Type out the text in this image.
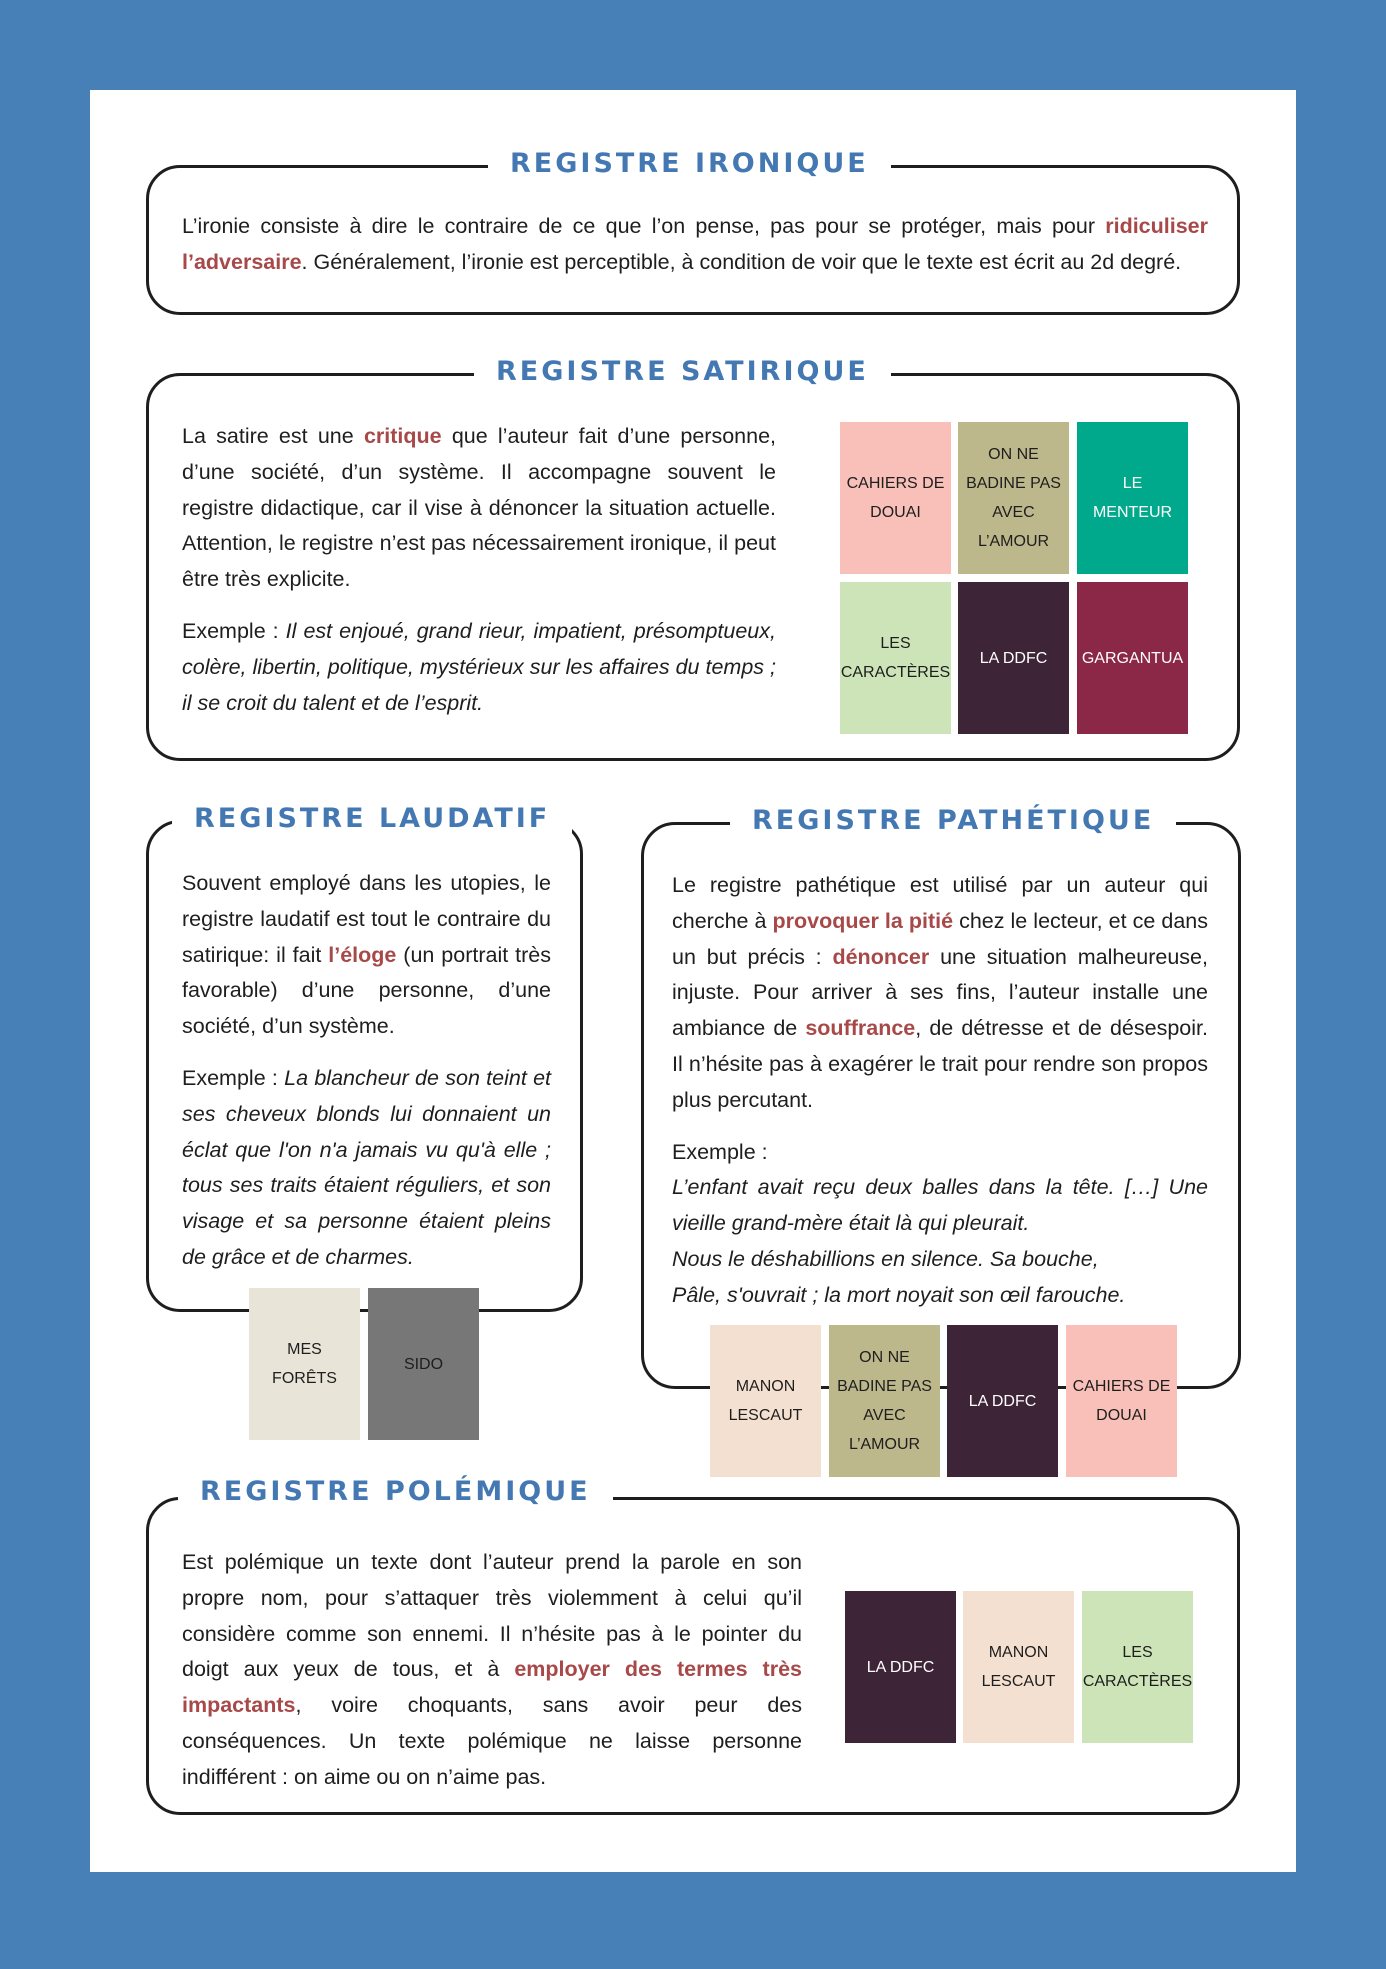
REGISTRE IRONIQUE
L’ironie consiste à dire le contraire de ce que l’on pense, pas pour se protéger, mais pour ridiculiser l’adversaire. Généralement, l’ironie est perceptible, à condition de voir que le texte est écrit au 2d degré.
REGISTRE SATIRIQUE

La satire est une critique que l’auteur fait d’une personne, d’une société, d’un système. Il accompagne souvent le registre didactique, car il vise à dénoncer la situation actuelle. Attention, le registre n’est pas nécessairement ironique, il peut être très explicite.

Exemple : Il est enjoué, grand rieur, impatient, présomptueux, colère, libertin, politique, mystérieux sur les affaires du temps ; il se croit du talent et de l’esprit.

CAHIERS DE DOUAI
ON NE BADINE PAS AVEC L’AMOUR
LE MENTEUR
LES CARACTÈRES
LA DDFC	GARGANTUA
REGISTRE LAUDATIF

Souvent employé dans les utopies, le registre laudatif est tout le contraire du satirique: il fait l’éloge (un portrait très favorable) d’une personne, d’une société, d’un système.

Exemple : La blancheur de son teint et ses cheveux blonds lui donnaient un éclat que l'on n'a jamais vu qu'à elle ; tous ses traits étaient réguliers, et son visage et sa personne étaient pleins de grâce et de charmes.

MES FORÊTS
SIDO
REGISTRE PATHÉTIQUE

Le registre pathétique est utilisé par un auteur qui cherche à provoquer la pitié chez le lecteur, et ce dans un but précis : dénoncer une situation malheureuse, injuste. Pour arriver à ses fins, l’auteur installe une ambiance de souffrance, de détresse et de désespoir. Il n’hésite pas à exagérer le trait pour rendre son propos plus percutant.

Exemple :
L’enfant avait reçu deux balles dans la tête. […] Une vieille grand-mère était là qui pleurait.
Nous le déshabillions en silence. Sa bouche,
Pâle, s'ouvrait ; la mort noyait son œil farouche.

MANON LESCAUT
ON NE BADINE PAS AVEC L’AMOUR
LA DDFC
CAHIERS DE DOUAI
REGISTRE POLÉMIQUE
Est polémique un texte dont l’auteur prend la parole en son propre nom, pour s’attaquer très violemment à celui qu’il considère comme son ennemi. Il n’hésite pas à le pointer du doigt aux yeux de tous, et à employer des termes très impactants, voire choquants, sans avoir peur des conséquences. Un texte polémique ne laisse personne indifférent : on aime ou on n’aime pas.
LA DDFC
MANON LESCAUT
LES CARACTÈRES
